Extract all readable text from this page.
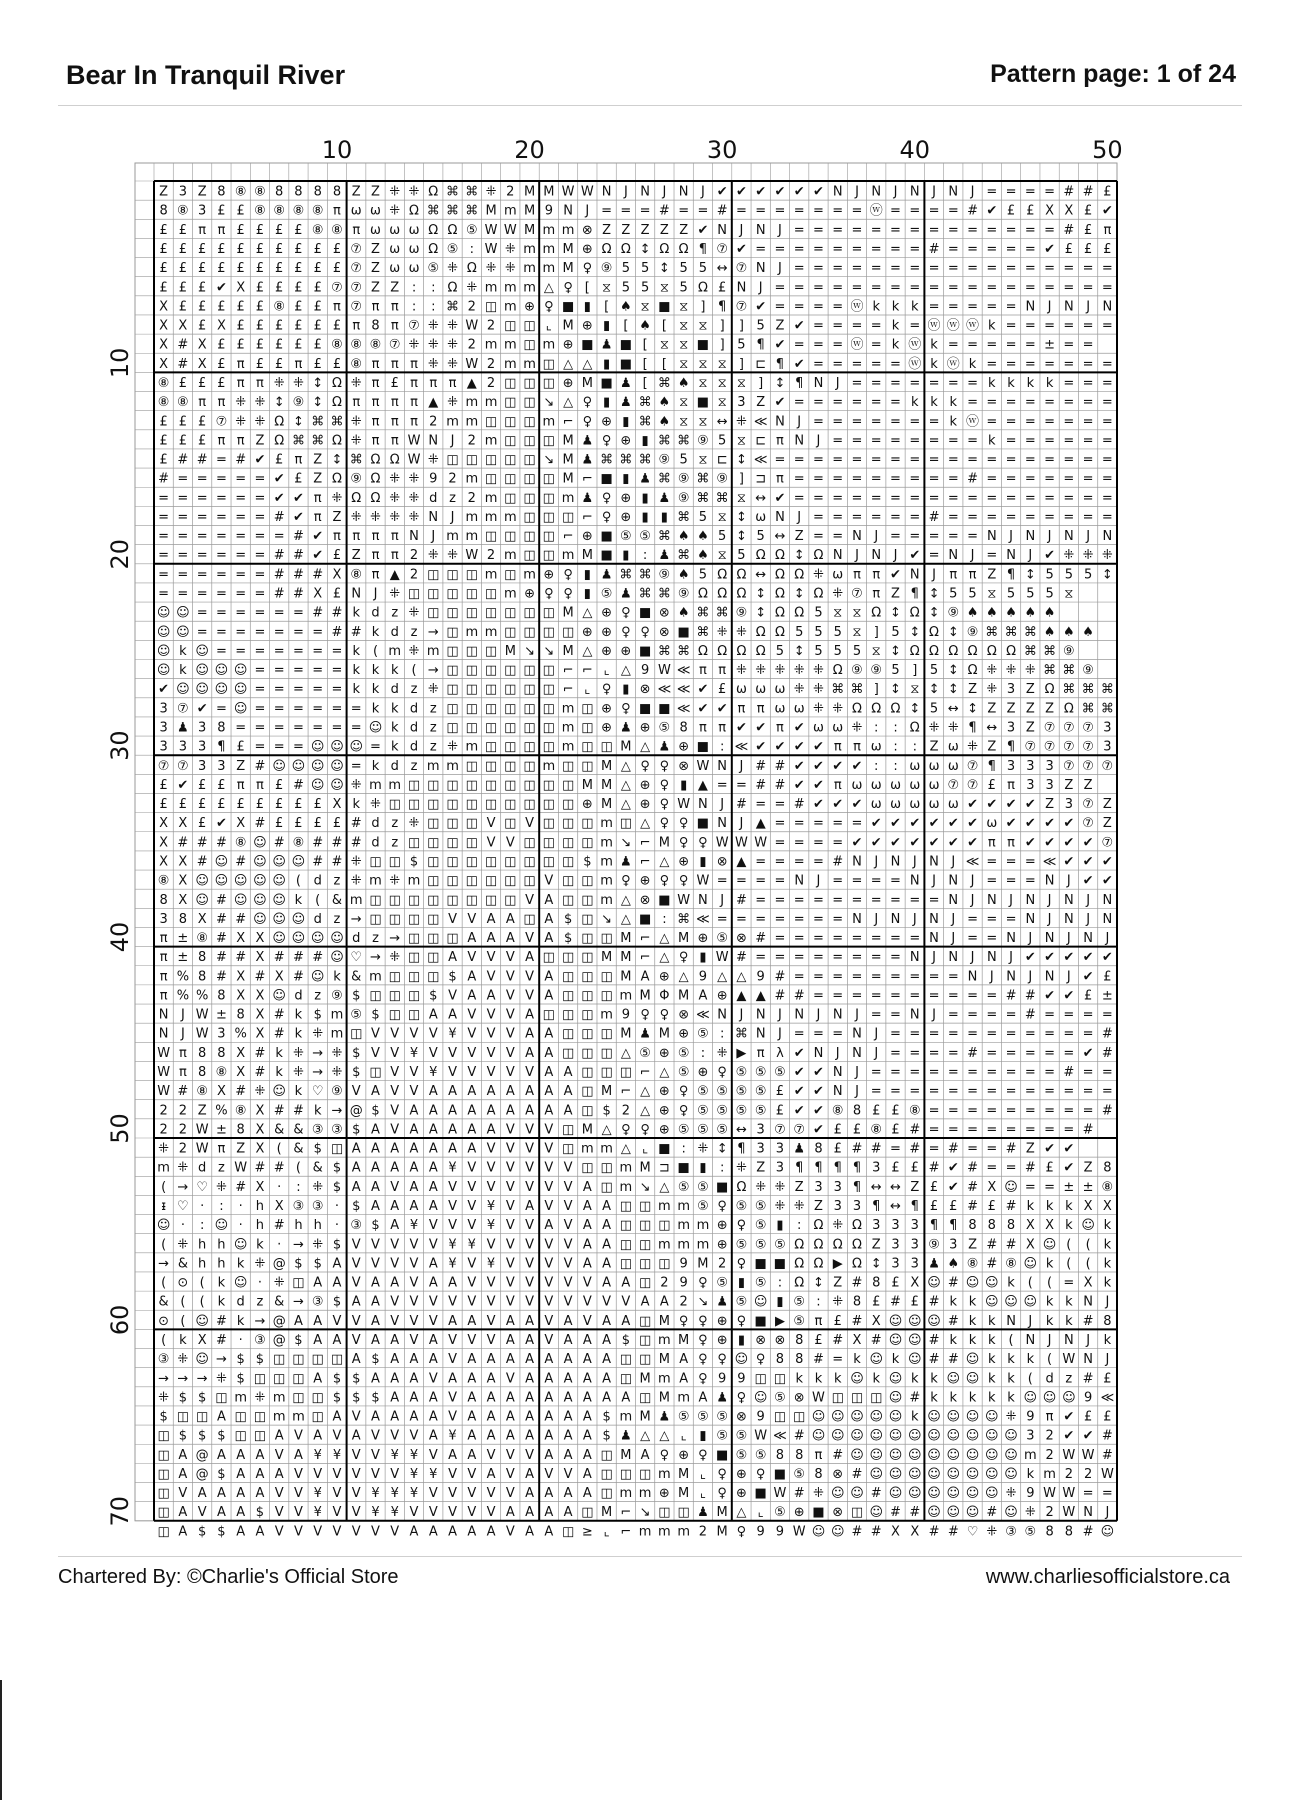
Bear In Tranquil River	Pattern page: 1 of 24
Z 3 Z 8 ⑧ ⑧ 8 8 8 8 Z Z ⁜ ⁜ Ω ⌘ ⌘ ⁜ 2 M M W W N J N J N J ✔ ✔ ✔ ✔ ✔ ✔ N J N J N J N J = = = = # # £
8 ⑧ 3 £ £ ⑧ ⑧ ⑧ ⑧ π ω ω ⁜ Ω ⌘ ⌘ ⌘ M m M 9 N J = = = # = = # = = = = = = = ⓦ = = = = # ✔ £ £ X X £ ✔
£ £ π π £ £ £ £ ⑧ ⑧ π ω ω ω Ω Ω ⑤ W W M m m ⊗ Z Z Z Z Z ✔ N J N J = = = = = = = = = = = = = = # £ π
£ £ £ £ £ £ £ £ £ £ ⑦ Z ω ω Ω ⑤ : W ⁜ m m M ⊕ Ω Ω ↕ Ω Ω ¶ ⑦ ✔ = = = = = = = = = # = = = = = ✔ £ £ £
£ £ £ £ £ £ £ £ £ £ ⑦ Z ω ω ⑤ ⁜ Ω ⁜ ⁜ m m M ♀ ⑨ 5 5 ↕ 5 5 ↔ ⑦ N J = = = = = = = = = = = = = = = = =
£ £ £ ✔ X £ £ £ £ ⑦ ⑦ Z Z : : Ω ⁜ m m m △ ♀ [ ⧖ 5 5 ⧖ 5 Ω £ N J = = = = = = = = = = = = = = = = = =
X £ £ £ £ £ ⑧ £ £ π ⑦ π π : : ⌘ 2 ◫ m ⊕ ♀ ■ ▮ [ ♠ ⧖ ■ ⧖ ] ¶ ⑦ ✔ = = = = ⓦ k k k = = = = = N J N J N
X X £ X £ £ £ £ £ £ π 8 π ⑦ ⁜ ⁜ W 2 ◫ ◫ ⌞ M ⊕ ▮ [ ♠ [ ⧖ ⧖ ] ] 5 Z ✔ = = = = k = ⓦ ⓦ ⓦ k = = = = = =
X # X £ £ £ £ £ £ ⑧ ⑧ ⑧ ⑦ ⁜ ⁜ ⁜ 2 m m ◫ m ⊕ ■ ♟ ■ [ ⧖ ⧖ ■ ] 5 ¶ ✔ = = = ⓦ = k ⓦ k = = = = = ± = =
X # X £ π £ £ π £ £ ⑧ π π π ⁜ ⁜ W 2 m m ◫ △ △ ▮ ■ [ [ ⧖ ⧖ ⧖ ] ⊏ ¶ ✔ = = = = = ⓦ k ⓦ k = = = = = = =
⑧ £ £ £ π π ⁜ ⁜ ↕ Ω ⁜ π £ π π π ▲ 2 ◫ ◫ ◫ ⊕ M ■ ♟ [ ⌘ ♠ ⧖ ⧖ ⧖ ] ↕ ¶ N J = = = = = = = k k k k = = =
⑧ ⑧ π π ⁜ ⁜ ↕ ⑨ ↕ Ω π π π π ▲ ⁜ m m ◫ ◫ ↘ △ ♀ ▮ ♟ ⌘ ♠ ⧖ ■ ⧖ 3 Z ✔ = = = = = = k k k = = = = = = = =
£ £ £ ⑦ ⁜ ⁜ Ω ↕ ⌘ ⌘ ⁜ π π π 2 m m ◫ ◫ ◫ m ⌐ ♀ ⊕ ▮ ⌘ ♠ ⧖ ⧖ ↔ ⁜ ≪ N J = = = = = = = k ⓦ = = = = = = =
£ £ £ π π Z Ω ⌘ ⌘ Ω ⁜ π π W N J 2 m ◫ ◫ ◫ M ♟ ♀ ⊕ ▮ ⌘ ⌘ ⑨ 5 ⧖ ⊏ π N J = = = = = = = = k = = = = = =
£ # # = # ✔ £ π Z ↕ ⌘ Ω Ω W ⁜ ◫ ◫ ◫ ◫ ◫ ↘ M ♟ ⌘ ⌘ ⌘ ⑨ 5 ⧖ ⊏ ↕ ≪ = = = = = = = = = = = = = = = = = =
# = = = = = ✔ £ Z Ω ⑨ Ω ⁜ ⁜ 9 2 m ◫ ◫ ◫ ◫ M ⌐ ■ ▮ ♟ ⌘ ⑨ ⌘ ⑨ ] ⊐ π = = = = = = = = = # = = = = = = =
= = = = = = ✔ ✔ π ⁜ Ω Ω ⁜ ⁜ d z 2 m ◫ ◫ ◫ m ♟ ♀ ⊕ ▮ ♟ ⑨ ⌘ ⌘ ⧖ ↔ ✔ = = = = = = = = = = = = = = = = =
= = = = = = # ✔ π Z ⁜ ⁜ ⁜ ⁜ N J m m m ◫ ◫ ◫ ⌐ ♀ ⊕ ▮ ▮ ⌘ 5 ⧖ ↕ ω N J = = = = = = # = = = = = = = = =
= = = = = = = # ✔ π π π π N J m m ◫ ◫ ◫ ◫ ⌐ ⊕ ■ ⑤ ⑤ ⌘ ♠ ♠ 5 ↕ 5 ↔ Z = = N J = = = = = N J N J N J N
= = = = = = # # ✔ £ Z π π 2 ⁜ ⁜ W 2 m ◫ ◫ m M ■ ▮ : ♟ ⌘ ♠ ⧖ 5 Ω Ω ↕ Ω N J N J ✔ = N J = N J ✔ ⁜ ⁜ ⁜
= = = = = = # # # X ⑧ π ▲ 2 ◫ ◫ ◫ m ◫ m ⊕ ♀ ▮ ♟ ⌘ ⌘ ⑨ ♠ 5 Ω Ω ↔ Ω Ω ⁜ ω π π ✔ N J π π Z ¶ ↕ 5 5 5 ↕
= = = = = = # # X £ N J ⁜ ◫ ◫ ◫ ◫ ◫ m ⊕ ♀ ♀ ▮ ⑤ ♟ ⌘ ⌘ ⑨ Ω Ω Ω ↕ Ω ↕ Ω ⁜ ⑦ π Z ¶ ↕ 5 5 ⧖ 5 5 5 ⧖
☺ ☺ = = = = = = # # k d z ⁜ ◫ ◫ ◫ ◫ ◫ ◫ ◫ M △ ⊕ ♀ ■ ⊗ ♠ ⌘ ⌘ ⑨ ↕ Ω Ω 5 ⧖ ⧖ Ω ↕ Ω ↕ ⑨ ♠ ♠ ♠ ♠ ♠
☺ ☺ = = = = = = = # # k d z → ◫ m m ◫ ◫ ◫ ◫ ⊕ ⊕ ♀ ♀ ⊗ ■ ⌘ ⁜ ⁜ Ω Ω 5 5 5 ⧖ ] 5 ↕ Ω ↕ ⑨ ⌘ ⌘ ⌘ ♠ ♠ ♠
☺ k ☺ = = = = = = = k ( m ⁜ m ◫ ◫ ◫ M ↘ ↘ M △ ⊕ ⊕ ■ ⌘ ⌘ Ω Ω Ω Ω 5 ↕ 5 5 5 ⧖ ↕ Ω Ω Ω Ω Ω Ω ⌘ ⌘ ⑨
☺ k ☺ ☺ ☺ = = = = = k k k ( → ◫ ◫ ◫ ◫ ◫ ◫ ⌐ ⌐ ⌞ △ 9 W ≪ π π ⁜ ⁜ ⁜ ⁜ ⁜ Ω ⑨ ⑨ 5 ] 5 ↕ Ω ⁜ ⁜ ⁜ ⌘ ⌘ ⑨
✔ ☺ ☺ ☺ ☺ = = = = = k k d z ⁜ ◫ ◫ ◫ ◫ ◫ ◫ ⌐ ⌞ ♀ ▮ ⊗ ≪ ≪ ✔ £ ω ω ω ⁜ ⁜ ⌘ ⌘ ] ↕ ⧖ ↕ ↕ Z ⁜ 3 Z Ω ⌘ ⌘ ⌘
3 ⑦ ✔ = ☺ = = = = = = k k d z ◫ ◫ ◫ ◫ ◫ ◫ m ◫ ⊕ ♀ ■ ■ ≪ ✔ ✔ π π ω ω ⁜ ⁜ Ω Ω Ω ↕ 5 ↔ ↕ Z Z Z Z Ω ⌘ ⌘
3 ♟ 3 8 = = = = = = = ☺ k d z ◫ ◫ ◫ ◫ ◫ ◫ m ◫ ⊕ ♟ ⊕ ⑤ 8 π π ✔ ✔ π ✔ ω ω ⁜ : : Ω ⁜ ⁜ ¶ ↔ 3 Z ⑦ ⑦ ⑦ 3
3 3 3 ¶ £ = = = ☺ ☺ ☺ = k d z ⁜ m ◫ ◫ ◫ ◫ m ◫ ◫ M △ ♟ ⊕ ■ : ≪ ✔ ✔ ✔ ✔ π π ω : : Z ω ⁜ Z ¶ ⑦ ⑦ ⑦ ⑦ 3
⑦ ⑦ 3 3 Z # ☺ ☺ ☺ ☺ = k d z m m ◫ ◫ ◫ ◫ m ◫ ◫ M △ ♀ ♀ ⊗ W N J # # ✔ ✔ ✔ ✔ : : ω ω ω ⑦ ¶ 3 3 3 ⑦ ⑦ ⑦
£ ✔ £ £ π π £ # ☺ ☺ ⁜ m m ◫ ◫ ◫ ◫ ◫ ◫ ◫ ◫ ◫ M M △ ⊕ ♀ ▮ ▲ = = # # ✔ ✔ π ω ω ω ω ω ⑦ ⑦ £ π 3 3 Z Z
£ £ £ £ £ £ £ £ £ X k ⁜ ◫ ◫ ◫ ◫ ◫ ◫ ◫ ◫ ◫ ◫ ⊕ M △ ⊕ ♀ W N J # = = # ✔ ✔ ✔ ω ω ω ω ω ✔ ✔ ✔ ✔ Z 3 ⑦ Z
X X £ ✔ X # £ £ £ £ # d z ⁜ ◫ ◫ ◫ V ◫ V ◫ ◫ ◫ m ◫ △ ♀ ♀ ■ N J ▲ = = = = = ✔ ✔ ✔ ✔ ✔ ✔ ω ✔ ✔ ✔ ✔ ⑦ Z
X # # # ⑧ ☺ # ⑧ # # # d z ◫ ◫ ◫ ◫ V V ◫ ◫ ◫ ◫ m ↘ ⌐ M ♀ ♀ W W W = = = = ✔ ✔ ✔ ✔ ✔ ✔ ✔ π π ✔ ✔ ✔ ✔ ⑦
X X # ☺ # ☺ ☺ ☺ # # ⁜ ◫ ◫ $ ◫ ◫ ◫ ◫ ◫ ◫ ◫ ◫ $ m ♟ ⌐ △ ⊕ ▮ ⊗ ▲ = = = = # N J N J N J ≪ = = = ≪ ✔ ✔ ✔
⑧ X ☺ ☺ ☺ ☺ ☺ ( d z ⁜ m ⁜ m ◫ ◫ ◫ ◫ ◫ ◫ V ◫ ◫ m ♀ ⊕ ♀ ♀ W = = = = N J = = = = N J N J = = = N J ✔ ✔
8 X ☺ # ☺ ☺ ☺ k ( & m ◫ ◫ ◫ ◫ ◫ ◫ ◫ ◫ V A ◫ ◫ m △ ⊗ ■ W N J # = = = = = = = = = = N J N J N J N J N
3 8 X # # ☺ ☺ ☺ d z → ◫ ◫ ◫ ◫ V V A A ◫ A $ ◫ ↘ △ ■ : ⌘ ≪ = = = = = = = N J N J N J = = = N J N J N
π ± ⑧ # X X ☺ ☺ ☺ ☺ d z → ◫ ◫ ◫ A A A V A $ ◫ ◫ M ⌐ △ M ⊕ ⑤ ⊗ # = = = = = = = = N J = = N J N J N J
π ± 8 # # X # # # ☺ ♡ → ⁜ ◫ ◫ A V V V A ◫ ◫ ◫ M M ⌐ △ ♀ ▮ W # = = = = = = = = N J N J N J ✔ ✔ ✔ ✔ ✔
π % 8 # X # X # ☺ k & m ◫ ◫ ◫ $ A V V V A ◫ ◫ ◫ M A ⊕ △ 9 △ △ 9 # = = = = = = = = = N J N J N J ✔ £
π % % 8 X X ☺ d z ⑨ $ ◫ ◫ ◫ $ V A A V V A ◫ ◫ ◫ m M Φ M A ⊕ ▲ ▲ # # = = = = = = = = = = # # ✔ ✔ £ ±
N J W ± 8 X # k $ m ⑤ $ ◫ ◫ A A V V V A ◫ ◫ ◫ m 9 ♀ ♀ ⊗ ≪ N J N J N J N J = = N J = = = = # = = = =
N J W 3 % X # k ⁜ m ◫ V V V V ¥ V V V A A ◫ ◫ ◫ M ♟ M ⊕ ⑤ : ⌘ N J = = = N J = = = = = = = = = = = #
W π 8 8 X # k ⁜ → ⁜ $ V V ¥ V V V V V A A ◫ ◫ ◫ △ ⑤ ⊕ ⑤ : ⁜ ▶ π λ ✔ N J N J = = = = # = = = = = ✔ #
W π 8 ⑧ X # k ⁜ → ⁜ $ ◫ V V ¥ V V V V V A A ◫ ◫ ◫ ⌐ △ ⑤ ⊕ ♀ ⑤ ⑤ ⑤ ✔ ✔ N J = = = = = = = = = = # = =
W # ⑧ X # ⁜ ☺ k ♡ ⑨ V A V V A A A A A A A A ◫ M ⌐ △ ⊕ ♀ ⑤ ⑤ ⑤ ⑤ £ ✔ ✔ N J = = = = = = = = = = = = =
2 2 Z % ⑧ X # # k → @ $ V A A A A A A A A A ◫ $ 2 △ ⊕ ♀ ⑤ ⑤ ⑤ ⑤ £ ✔ ✔ ⑧ 8 £ £ ⑧ = = = = = = = = = #
2 2 W ± 8 X & & ③ ③ $ A V A A A A A V V V ◫ M △ ♀ ♀ ⊕ ⑤ ⑤ ⑤ ↔ 3 ⑦ ⑦ ✔ £ £ ⑧ £ # = = = = = = = = #
⁜ 2 W π Z X ( & $ ◫ A A A A A A A V V V V ◫ m m △ ⌞ ■ : ⁜ ↕ ¶ 3 3 ♟ 8 £ # # = # = # = = # Z ✔ ✔
m ⁜ d z W # # ( & $ A A A A A ¥ V V V V V V ◫ ◫ m M ⊐ ■ ▮ : ⁜ Z 3 ¶ ¶ ¶ ¶ 3 £ £ # ✔ # = = # £ ✔ Z 8
( → ♡ ⁜ # X · : ⁜ $ A A V A A V V V V V V V A ◫ m ↘ △ ⑤ ⑤ ■ Ω ⁜ ⁜ Z 3 3 ¶ ↔ ↔ Z £ ✔ # X ☺ = = ± ± ⑧
ᵻ ♡ · : · h X ③ ③ · $ A A A A V V ¥ V A V V A A ◫ ◫ m m ⑤ ♀ ⑤ ⑤ ⁜ ⁜ Z 3 3 ¶ ↔ ¶ £ £ # £ # k k k X X
☺ · : ☺ · h # h h · ③ $ A ¥ V V V ¥ V V A V A A ◫ ◫ ◫ m m ⊕ ♀ ⑤ ▮ : Ω ⁜ Ω 3 3 3 ¶ ¶ 8 8 8 X X k ☺ k
( ⁜ h h ☺ k · → ⁜ $ V V V V V ¥ ¥ V V V V V A A ◫ ◫ m m m ⊕ ⑤ ⑤ ⑤ Ω Ω Ω Ω Z 3 3 ⑨ 3 Z # # X ☺ ( ( k
→ & h h k ⁜ @ $ $ A V V V V A ¥ V ¥ V V V V A A ◫ ◫ ◫ 9 M 2 ♀ ■ ■ Ω Ω ▶ Ω ↕ 3 3 ♟ ♠ ⑧ # ⑧ ☺ k ( ( k
( ⊙ ( k ☺ · ⁜ ◫ A A V A A V A A V V V V V V V A A ◫ 2 9 ♀ ⑤ ▮ ⑤ : Ω ↕ Z # 8 £ X ☺ # ☺ ☺ k ( ( = X k
& ( ( k d z & → ③ $ A A V V V V V V V V V V V V V A A 2 ↘ ♟ ⑤ ☺ ▮ ⑤ : ⁜ 8 £ # £ # k k ☺ ☺ ☺ k k N J
⊙ ( ☺ # k → @ A A V V A V V V A A V A A V A V A A ◫ M ♀ ♀ ⊕ ♀ ■ ▶ ⑤ π £ # X ☺ ☺ ☺ # k k N J k k # 8
( k X # · ③ @ $ A A V A A V A V V V A A V A A A $ ◫ m M ♀ ⊕ ▮ ⊗ ⊗ 8 £ # X # ☺ ☺ # k k k ( N J N J k
③ ⁜ ☺ → $ $ ◫ ◫ ◫ ◫ A $ A A A V A A A A A A A A ◫ ◫ M A ♀ ♀ ☺ ♀ 8 8 # = k ☺ k ☺ # # ☺ k k k ( W N J
→ → → ⁜ $ ◫ ◫ ◫ A $ $ A A A V A A A V A A A A A ◫ M m A ♀ 9 9 ◫ ◫ k k k ☺ k ☺ k k ☺ ☺ k k ( d z # £
⁜ $ $ ◫ m ⁜ m ◫ ◫ $ $ $ A A A V A A A A A A A A A ◫ M m A ♟ ♀ ☺ ⑤ ⊗ W ◫ ◫ ◫ ☺ # k k k k k ☺ ☺ ☺ 9 ≪
$ ◫ ◫ A ◫ ◫ m m ◫ A V A A A A V A A A A A A A $ m M ♟ ⑤ ⑤ ⑤ ⊗ 9 ◫ ◫ ☺ ☺ ☺ ☺ ☺ k ☺ ☺ ☺ ☺ ⁜ 9 π ✔ £ £
◫ $ $ $ ◫ ◫ A V A V A V V V A ¥ A A A A A A A $ ♟ △ △ ⌞ ▮ ⑤ ⑤ W ≪ # ☺ ☺ ☺ ☺ ☺ ☺ ☺ ☺ ☺ ☺ ☺ 3 2 ✔ ✔ #
◫ A @ A A A V A ¥ ¥ V V ¥ ¥ V A A V V V A A A ◫ M A ♀ ⊕ ♀ ■ ⑤ ⑤ 8 8 π # ☺ ☺ ☺ ☺ ☺ ☺ ☺ ☺ ☺ m 2 W W #
◫ A @ $ A A A V V V V V V ¥ ¥ V V A V A V V A ◫ ◫ ◫ m M ⌞ ♀ ⊕ ♀ ■ ⑤ 8 ⊗ # ☺ ☺ ☺ ☺ ☺ ☺ ☺ ☺ k m 2 2 W
◫ V A A A A V V ¥ V V ¥ ¥ ¥ V V V V V A A A A ◫ m m ⊕ M ⌞ ♀ ⊕ ■ W # ⁜ ☺ ☺ # ☺ ☺ ☺ ☺ ☺ ☺ ⁜ 9 W W = =
◫ A V A A $ V V ¥ V V ¥ ¥ V V V V V A A A A ◫ M ⌐ ↘ ◫ ◫ ♟ M △ ⌞ ⑤ ⊕ ■ ⊗ ◫ ☺ # # ☺ ☺ ☺ # ☺ ⁜ 2 W N J
◫ A $ $ A A V V V V V V V A A A A A V A A ◫ ≥ ⌞ ⌐ m m m 2 M ♀ 9 9 W ☺ ☺ # # X X # # ♡ ⁜ ③ ⑤ 8 8 # ☺
10	20	30	40	50
10
20
30
40
50
60
70
Chartered By: ©Charlie's Official Store	www.charliesofficialstore.ca
